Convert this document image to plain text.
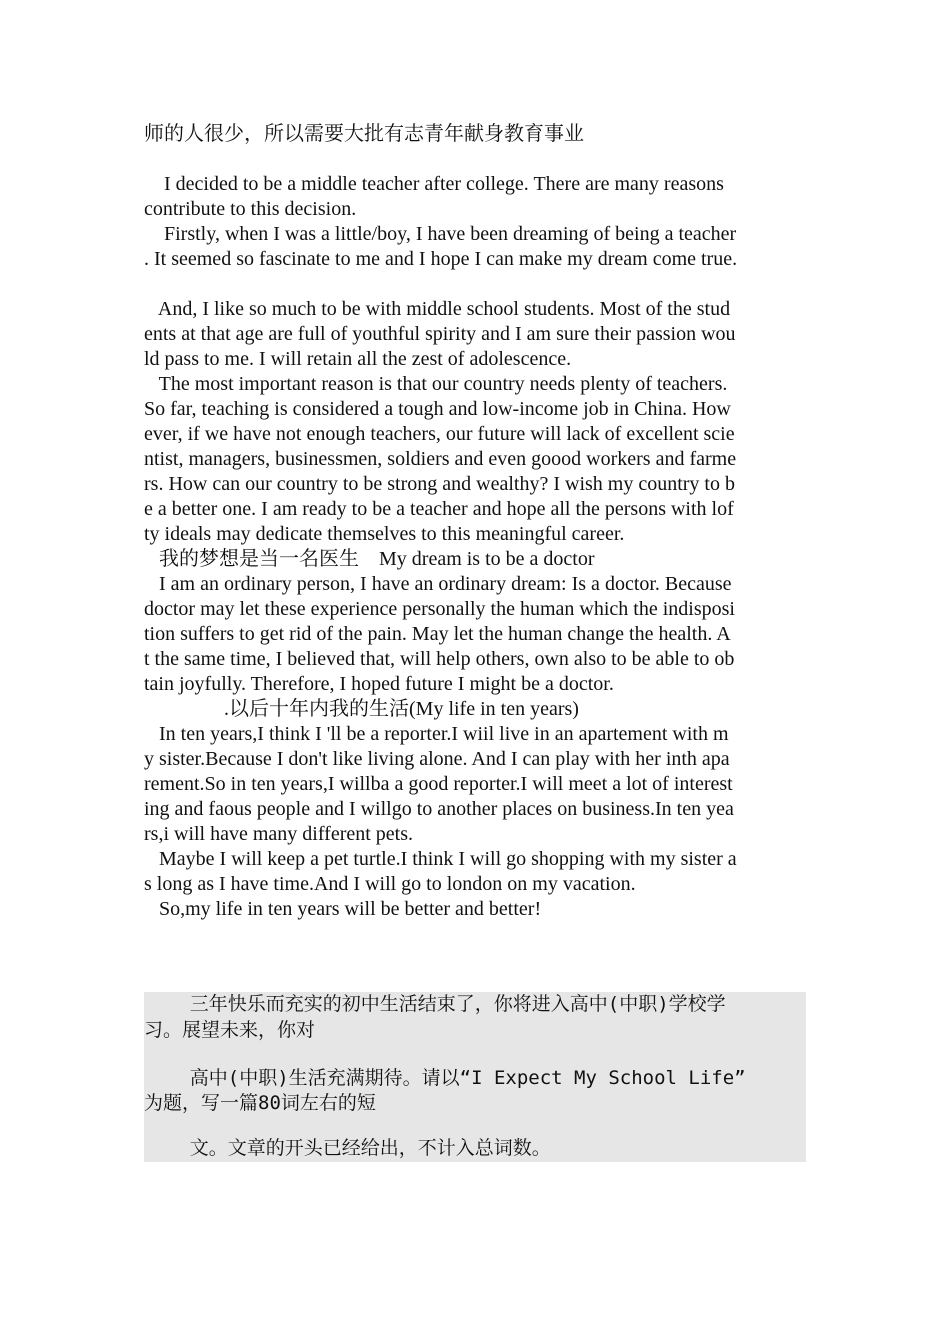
师的人很少，所以需要大批有志青年献身教育事业
I decided to be a middle teacher after college. There are many reasons
contribute to this decision.
Firstly, when I was a little/boy, I have been dreaming of being a teacher
. It seemed so fascinate to me and I hope I can make my dream come true.
And, I like so much to be with middle school students. Most of the stud
ents at that age are full of youthful spirity and I am sure their passion wou
ld pass to me. I will retain all the zest of adolescence.
The most important reason is that our country needs plenty of teachers.
So far, teaching is considered a tough and low-income job in China. How
ever, if we have not enough teachers, our future will lack of excellent scie
ntist, managers, businessmen, soldiers and even goood workers and farme
rs. How can our country to be strong and wealthy? I wish my country to b
e a better one. I am ready to be a teacher and hope all the persons with lof
ty ideals may dedicate themselves to this meaningful career.
我的梦想是当一名医生    My dream is to be a doctor
I am an ordinary person, I have an ordinary dream: Is a doctor. Because
doctor may let these experience personally the human which the indisposi
tion suffers to get rid of the pain. May let the human change the health. A
t the same time, I believed that, will help others, own also to be able to ob
tain joyfully. Therefore, I hoped future I might be a doctor.
.以后十年内我的生活(My life in ten years)
In ten years,I think I 'll be a reporter.I wiil live in an apartement with m
y sister.Because I don't like living alone. And I can play with her inth apa
rement.So in ten years,I willba a good reporter.I will meet a lot of interest
ing and faous people and I willgo to another places on business.In ten yea
rs,i will have many different pets.
Maybe I will keep a pet turtle.I think I will go shopping with my sister a
s long as I have time.And I will go to london on my vacation.
So,my life in ten years will be better and better!
三年快乐而充实的初中生活结束了，你将进入高中(中职)学校学
习。展望未来，你对
高中(中职)生活充满期待。请以“I Expect My School Life”
为题，写一篇80词左右的短
文。文章的开头已经给出，不计入总词数。
